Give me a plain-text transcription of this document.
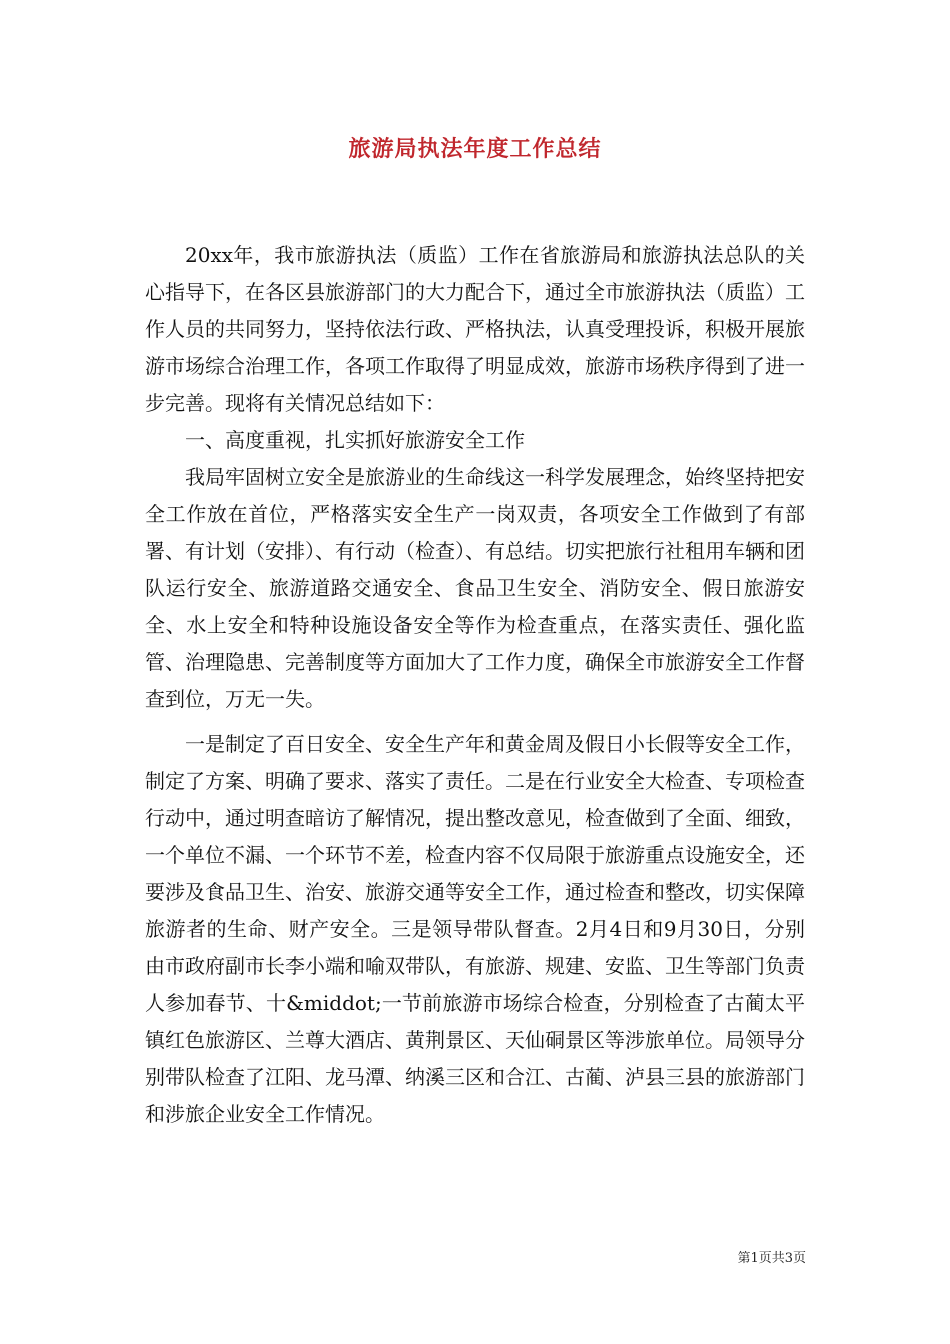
旅游局执法年度工作总结

20xx年，我市旅游执法（质监）工作在省旅游局和旅游执法总队的关心指导下，在各区县旅游部门的大力配合下，通过全市旅游执法（质监）工作人员的共同努力，坚持依法行政、严格执法，认真受理投诉，积极开展旅游市场综合治理工作，各项工作取得了明显成效，旅游市场秩序得到了进一步完善。现将有关情况总结如下：

一、高度重视，扎实抓好旅游安全工作

我局牢固树立安全是旅游业的生命线这一科学发展理念，始终坚持把安全工作放在首位，严格落实安全生产一岗双责，各项安全工作做到了有部署、有计划（安排）、有行动（检查）、有总结。切实把旅行社租用车辆和团队运行安全、旅游道路交通安全、食品卫生安全、消防安全、假日旅游安全、水上安全和特种设施设备安全等作为检查重点，在落实责任、强化监管、治理隐患、完善制度等方面加大了工作力度，确保全市旅游安全工作督查到位，万无一失。

一是制定了百日安全、安全生产年和黄金周及假日小长假等安全工作，制定了方案、明确了要求、落实了责任。二是在行业安全大检查、专项检查行动中，通过明查暗访了解情况，提出整改意见，检查做到了全面、细致，一个单位不漏、一个环节不差，检查内容不仅局限于旅游重点设施安全，还要涉及食品卫生、治安、旅游交通等安全工作，通过检查和整改，切实保障旅游者的生命、财产安全。三是领导带队督查。2月4日和9月30日，分别由市政府副市长李小端和喻双带队，有旅游、规建、安监、卫生等部门负责人参加春节、十&middot;一节前旅游市场综合检查，分别检查了古蔺太平镇红色旅游区、兰尊大酒店、黄荆景区、天仙硐景区等涉旅单位。局领导分别带队检查了江阳、龙马潭、纳溪三区和合江、古蔺、泸县三县的旅游部门和涉旅企业安全工作情况。

第1页共3页
